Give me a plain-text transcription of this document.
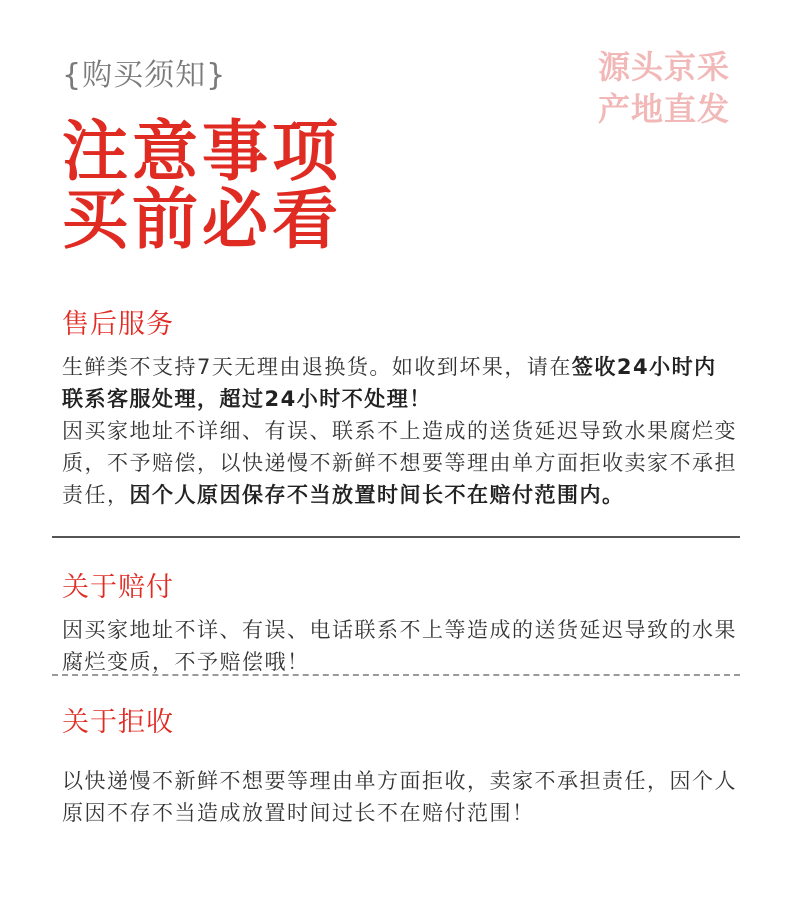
{购买须知}	源头京采
产地直发
注意事项
买前必看
售后服务
生鲜类不支持7天无理由退换货。如收到坏果，请在签收24小时内联系客服处理，超过24小时不处理！
因买家地址不详细、有误、联系不上造成的送货延迟导致水果腐烂变质，不予赔偿，以快递慢不新鲜不想要等理由单方面拒收卖家不承担责任，因个人原因保存不当放置时间长不在赔付范围内。
关于赔付
因买家地址不详、有误、电话联系不上等造成的送货延迟导致的水果腐烂变质，不予赔偿哦！
关于拒收
以快递慢不新鲜不想要等理由单方面拒收，卖家不承担责任，因个人原因不存不当造成放置时间过长不在赔付范围！
